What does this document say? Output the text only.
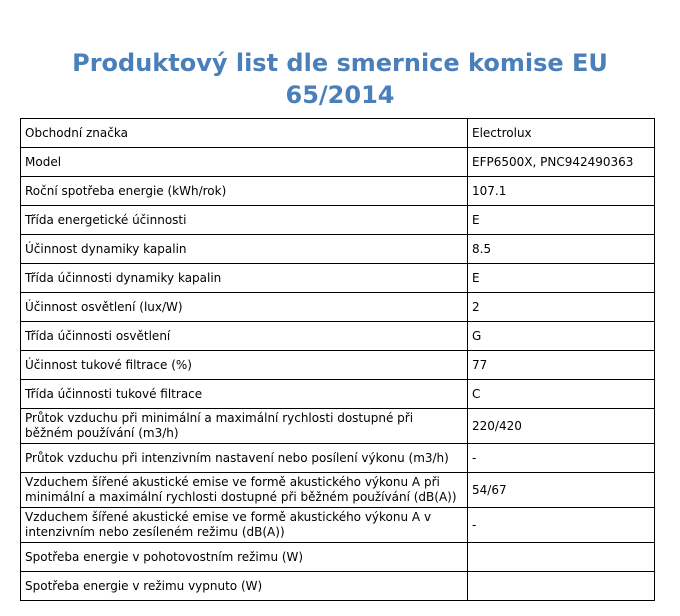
Produktový list dle smernice komise EU
65/2014
Obchodní značka	Electrolux
Model	EFP6500X, PNC942490363
Roční spotřeba energie (kWh/rok)	107.1
Třída energetické účinnosti	E
Účinnost dynamiky kapalin	8.5
Třída účinnosti dynamiky kapalin	E
Účinnost osvětlení (lux/W)	2
Třída účinnosti osvětlení	G
Účinnost tukové filtrace (%)	77
Třída účinnosti tukové filtrace	C
Průtok vzduchu při minimální a maximální rychlosti dostupné při běžném používání (m3/h)	220/420
Průtok vzduchu při intenzivním nastavení nebo posílení výkonu (m3/h)	-
Vzduchem šířené akustické emise ve formě akustického výkonu A při minimální a maximální rychlosti dostupné při běžném používání (dB(A))	54/67
Vzduchem šířené akustické emise ve formě akustického výkonu A v intenzivním nebo zesíleném režimu (dB(A))	-
Spotřeba energie v pohotovostním režimu (W)	
Spotřeba energie v režimu vypnuto (W)	
